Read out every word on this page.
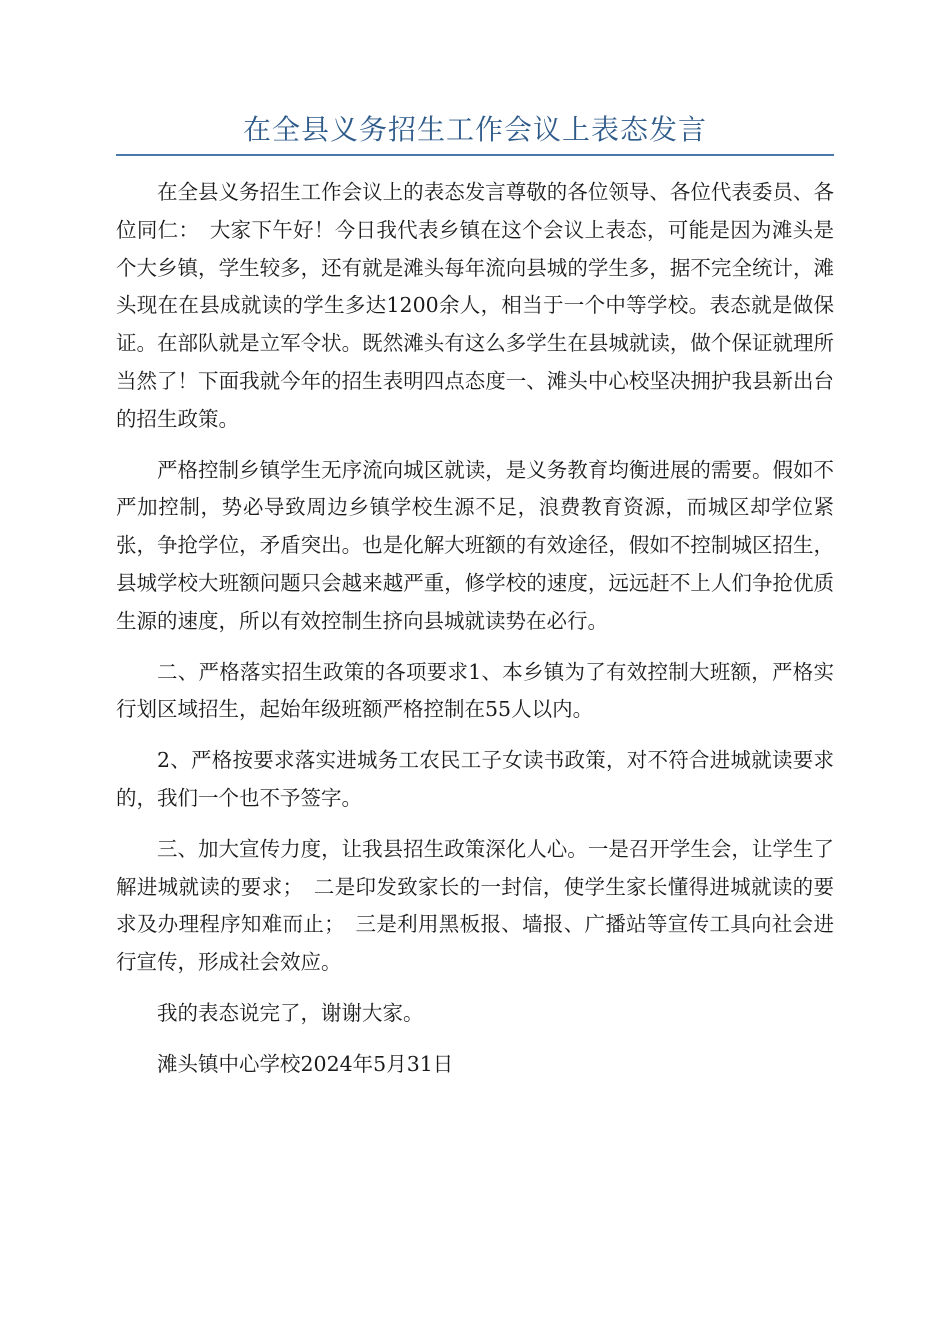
在全县义务招生工作会议上表态发言

在全县义务招生工作会议上的表态发言尊敬的各位领导、各位代表委员、各位同仁：　大家下午好！今日我代表乡镇在这个会议上表态，可能是因为滩头是个大乡镇，学生较多，还有就是滩头每年流向县城的学生多，据不完全统计，滩头现在在县成就读的学生多达1200余人，相当于一个中等学校。表态就是做保证。在部队就是立军令状。既然滩头有这么多学生在县城就读，做个保证就理所当然了！下面我就今年的招生表明四点态度一、滩头中心校坚决拥护我县新出台的招生政策。

严格控制乡镇学生无序流向城区就读，是义务教育均衡进展的需要。假如不严加控制，势必导致周边乡镇学校生源不足，浪费教育资源，而城区却学位紧张，争抢学位，矛盾突出。也是化解大班额的有效途径，假如不控制城区招生，县城学校大班额问题只会越来越严重，修学校的速度，远远赶不上人们争抢优质生源的速度，所以有效控制生挤向县城就读势在必行。

二、严格落实招生政策的各项要求1、本乡镇为了有效控制大班额，严格实行划区域招生，起始年级班额严格控制在55人以内。

2、严格按要求落实进城务工农民工子女读书政策，对不符合进城就读要求的，我们一个也不予签字。

三、加大宣传力度，让我县招生政策深化人心。一是召开学生会，让学生了解进城就读的要求；　二是印发致家长的一封信，使学生家长懂得进城就读的要求及办理程序知难而止；　三是利用黑板报、墙报、广播站等宣传工具向社会进行宣传，形成社会效应。

我的表态说完了，谢谢大家。

滩头镇中心学校2024年5月31日
